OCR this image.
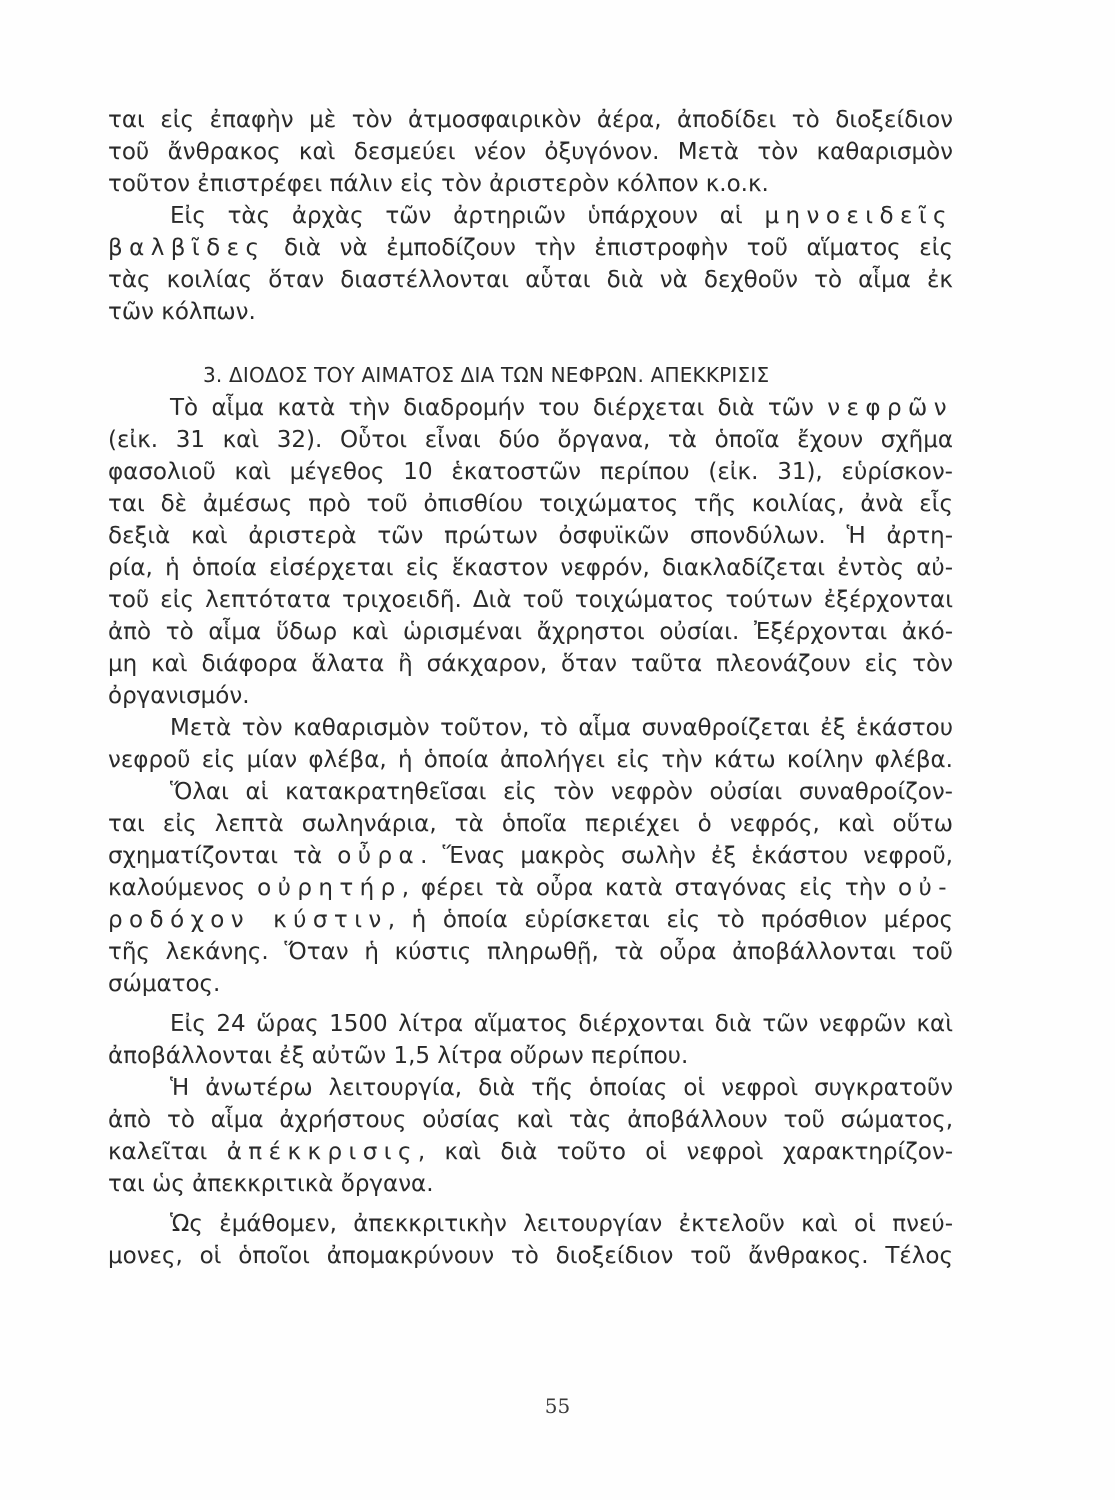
ται εἰς ἐπαφὴν μὲ τὸν ἀτμοσφαιρικὸν ἀέρα, ἀποδίδει τὸ διοξείδιον
τοῦ ἄνθρακος καὶ δεσμεύει νέον ὀξυγόνον. Μετὰ τὸν καθαρισμὸν
τοῦτον ἐπιστρέφει πάλιν εἰς τὸν ἀριστερὸν κόλπον κ.ο.κ.
Εἰς τὰς ἀρχὰς τῶν ἀρτηριῶν ὑπάρχουν αἱ μηνοειδεῖς
βαλβῖδες διὰ νὰ ἐμποδίζουν τὴν ἐπιστροφὴν τοῦ αἵματος εἰς
τὰς κοιλίας ὅταν διαστέλλονται αὗται διὰ νὰ δεχθοῦν τὸ αἷμα ἐκ
τῶν κόλπων.
3. ΔΙΟΔΟΣ ΤΟΥ ΑΙΜΑΤΟΣ ΔΙΑ ΤΩΝ ΝΕΦΡΩΝ. ΑΠΕΚΚΡΙΣΙΣ
Τὸ αἷμα κατὰ τὴν διαδρομήν του διέρχεται διὰ τῶν νεφρῶν
(εἰκ. 31 καὶ 32). Οὗτοι εἶναι δύο ὄργανα, τὰ ὁποῖα ἔχουν σχῆμα
φασολιοῦ καὶ μέγεθος 10 ἑκατοστῶν περίπου (εἰκ. 31), εὑρίσκον-
ται δὲ ἀμέσως πρὸ τοῦ ὀπισθίου τοιχώματος τῆς κοιλίας, ἀνὰ εἷς
δεξιὰ καὶ ἀριστερὰ τῶν πρώτων ὀσφυϊκῶν σπονδύλων. Ἡ ἀρτη-
ρία, ἡ ὁποία εἰσέρχεται εἰς ἕκαστον νεφρόν, διακλαδίζεται ἐντὸς αὐ-
τοῦ εἰς λεπτότατα τριχοειδῆ. Διὰ τοῦ τοιχώματος τούτων ἐξέρχονται
ἀπὸ τὸ αἷμα ὕδωρ καὶ ὡρισμέναι ἄχρηστοι οὐσίαι. Ἐξέρχονται ἀκό-
μη καὶ διάφορα ἅλατα ἢ σάκχαρον, ὅταν ταῦτα πλεονάζουν εἰς τὸν
ὀργανισμόν.
Μετὰ τὸν καθαρισμὸν τοῦτον, τὸ αἷμα συναθροίζεται ἐξ ἑκάστου
νεφροῦ εἰς μίαν φλέβα, ἡ ὁποία ἀπολήγει εἰς τὴν κάτω κοίλην φλέβα.
Ὅλαι αἱ κατακρατηθεῖσαι εἰς τὸν νεφρὸν οὐσίαι συναθροίζον-
ται εἰς λεπτὰ σωληνάρια, τὰ ὁποῖα περιέχει ὁ νεφρός, καὶ οὕτω
σχηματίζονται τὰ οὖρα. Ἕνας μακρὸς σωλὴν ἐξ ἑκάστου νεφροῦ,
καλούμενος οὐρητήρ, φέρει τὰ οὖρα κατὰ σταγόνας εἰς τὴν οὐ-
ροδόχον κύστιν, ἡ ὁποία εὑρίσκεται εἰς τὸ πρόσθιον μέρος
τῆς λεκάνης. Ὅταν ἡ κύστις πληρωθῇ, τὰ οὖρα ἀποβάλλονται τοῦ
σώματος.
Εἰς 24 ὥρας 1500 λίτρα αἵματος διέρχονται διὰ τῶν νεφρῶν καὶ
ἀποβάλλονται ἐξ αὐτῶν 1,5 λίτρα οὔρων περίπου.
Ἡ ἀνωτέρω λειτουργία, διὰ τῆς ὁποίας οἱ νεφροὶ συγκρατοῦν
ἀπὸ τὸ αἷμα ἀχρήστους οὐσίας καὶ τὰς ἀποβάλλουν τοῦ σώματος,
καλεῖται ἀπέκκρισις, καὶ διὰ τοῦτο οἱ νεφροὶ χαρακτηρίζον-
ται ὡς ἀπεκκριτικὰ ὄργανα.
Ὡς ἐμάθομεν, ἀπεκκριτικὴν λειτουργίαν ἐκτελοῦν καὶ οἱ πνεύ-
μονες, οἱ ὁποῖοι ἀπομακρύνουν τὸ διοξείδιον τοῦ ἄνθρακος. Τέλος
55
